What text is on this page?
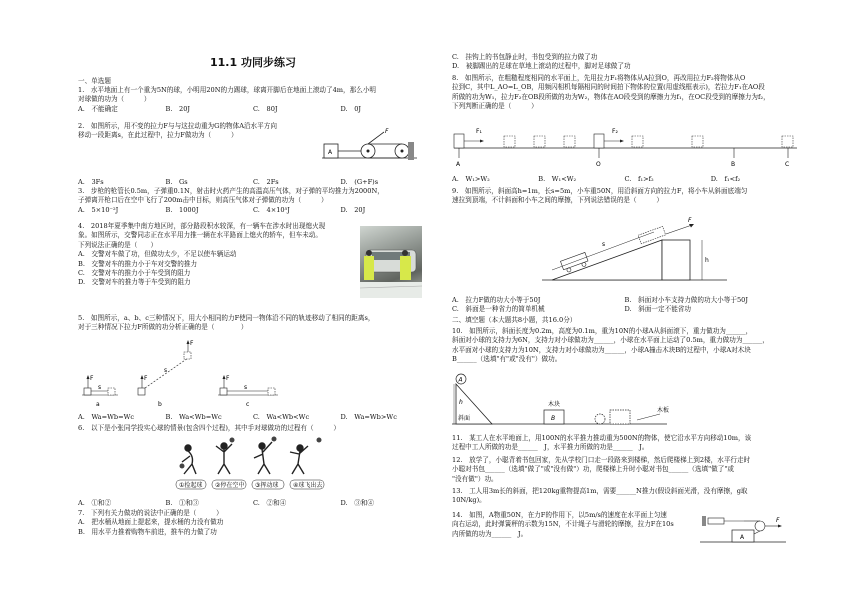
11.1 功同步练习
一、单选题
1.　水平地面上有一个重为5N的球，小明用20N的力踢球，球离开脚后在地面上滚动了4m，那么小明
对球做的功为（　　　）
A.　不能确定	B.　20J	C.　80J	D.　0J
2.　如图所示，用不变的拉力F与与这拉动重为G的物体A沿水平方向
移动一段距离s，在此过程中，拉力F做功为（　　　）
A
F
A.　3Fs	B.　Gs	C.　2Fs	D.　(G+F)s
3.　步枪的枪管长0.5m，子弹重0.1N，射击时火药产生的高温高压气体，对子弹的平均推力为2000N，
子弹离开枪口后在空中飞行了200m击中目标，则高压气体对子弹做的功为（　　　）
A.　5×10⁻²J	B.　1000J	C.　4×10⁵J	D.　20J
4.　2018年夏季集中南方地区时，部分路段积水较深，有一辆车在涉水时出现熄火现
象。如图所示，交警同志正在水平用力推一辆在水平路面上熄火的轿车，但车未动。
下列说法正确的是（　　）
A.　交警对车做了功，但做功太少，不足以使车辆运动
B.　交警对车的推力小于车对交警的推力
C.　交警对车的推力小于车受到的阻力
D.　交警对车的推力等于车受到的阻力
5.　如图所示，a、b、c三种情况下，用大小相同的力F使同一物体沿不同的轨迹移动了相同的距离s，
对于三种情况下拉力F所做的功分析正确的是（　　　　）
F
s
a
F
s
F
b
F
s
c
A.　Wa=Wb=Wc	B.　Wa<Wb=Wc	C.　Wa<Wb<Wc	D.　Wa=Wb>Wc
6.　以下是小张同学投实心球的情景(包含四个过程)，其中手对球做功的过程有（　　　）
①捡起球 ②停在空中 ③挥动球 ④球飞出去
A.　①和②	B.　①和③	C.　②和④	D.　③和④
7.　下列有关力做功的说法中正确的是（　　　）
A.　把水桶从地面上提起来，提水桶的力没有做功
B.　用水平力推着购物车前进，推车的力做了功
C.　挂钩上的书包静止时，书包受到的拉力做了功
D.　被脚踢出的足球在草地上滚动的过程中，脚对足球做了功
8.　如图所示，在粗糙程度相同的水平面上，先用拉力F₁将物体从A拉到O，再改用拉力F₂将物体从O
拉到C，其中L_AO=L_OB，用频闪相机每隔相同的时间拍下物体的位置(用虚线框表示)，若拉力F₁在AO段
所做的功为W₁，拉力F₂在OB段所做的功为W₂，物体在AO段受到的摩擦力为f₁，在OC段受到的摩擦力为f₂，
下列判断正确的是（　　　）
F₁	F₂
A	O	B	C
A.　W₁>W₂	B.　W₁<W₂	C.　f₁>f₂	D.　f₁<f₂
9.　如图所示，斜面高h=1m，长s=5m，小车重50N，用沿斜面方向的拉力F，将小车从斜面底端匀
速拉到顶端，不计斜面和小车之间的摩擦，下列说法错误的是（　　　）
F
s
h
A.　拉力F做的功大小等于50J	B.　斜面对小车支持力做的功大小等于50J
C.　斜面是一种省力的简单机械	D.　斜面一定不能省功
二、填空题（本大题共8小题，共16.0分）
10.　如图所示，斜面长度为0.2m，高度为0.1m，重为10N的小球A从斜面滚下，重力做功为______，
斜面对小球的支持力为6N，支持力对小球做功为______，小球在水平面上运动了0.5m，重力做功为______，
水平面对小球的支持力为10N，支持力对小球做功为______，小球A撞击木块B的过程中，小球A对木块
B______（选填"有"或"没有"）做功。
A
h
斜面
木块
B
木板
11.　某工人在水平地面上，用100N的水平推力推动重为500N的物体，使它沿水平方向移动10m，该
过程中工人所做的功是______　J，水平推力所做的功是______　J。
12.　放学了，小聪背着书包回家，先从学校门口走一段路来到楼梯，然后爬楼梯上到2楼，水平行走时
小聪对书包______（选填"做了"或"没有做"）功，爬楼梯上升时小聪对书包______（选填"做了"或
"没有做"）功。
13.　工人用3m长的斜面，把120kg重物提高1m，需要______N推力(假设斜面光滑，没有摩擦，g取
10N/kg)。
14.　如图，A物重50N，在力F的作用下，以5m/s的速度在水平面上匀速
向右运动，此时弹簧秤的示数为15N，不计绳子与滑轮的摩擦，拉力F在10s
内所做的功为______　J。	A
F
